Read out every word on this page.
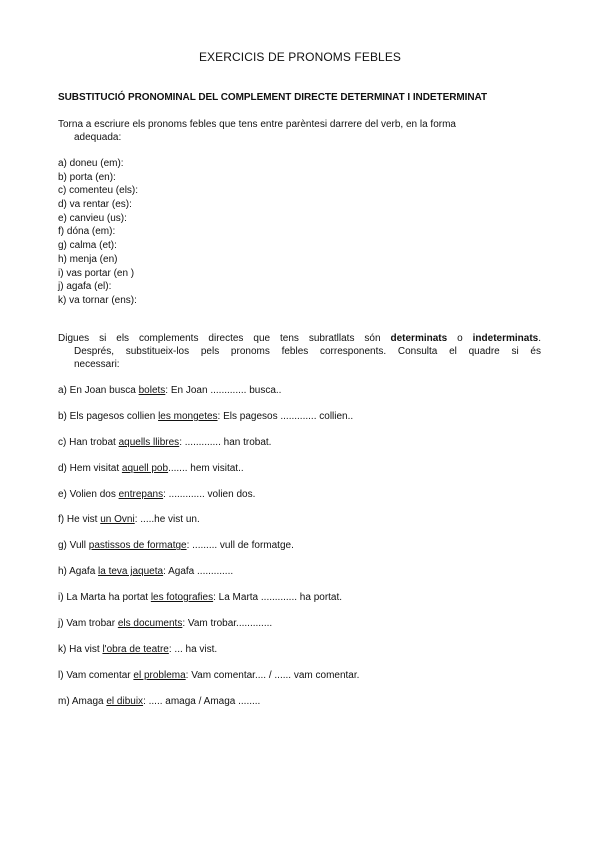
EXERCICIS DE PRONOMS FEBLES
SUBSTITUCIÓ PRONOMINAL DEL COMPLEMENT DIRECTE DETERMINAT I INDETERMINAT
Torna a escriure els pronoms febles que tens entre parèntesi darrere del verb, en la forma
adequada:
a) doneu (em):
b) porta (en):
c) comenteu (els):
d) va rentar (es):
e) canvieu (us):
f) dóna (em):
g) calma (et):
h) menja (en)
i) vas portar (en )
j) agafa (el):
k) va tornar (ens):
Digues si els complements directes que tens subratllats són determinats o indeterminats.
Després, substitueix-los pels pronoms febles corresponents. Consulta el quadre si és
necessari:
a) En Joan busca bolets: En Joan ............. busca..
b) Els pagesos collien les mongetes: Els pagesos ............. collien..
c) Han trobat aquells llibres: ............. han trobat.
d) Hem visitat aquell pob....... hem visitat..
e) Volien dos entrepans: ............. volien dos.
f) He vist un Ovni: .....he vist un.
g) Vull pastissos de formatge: ......... vull de formatge.
h) Agafa la teva jaqueta: Agafa .............
i) La Marta ha portat les fotografies: La Marta ............. ha portat.
j) Vam trobar els documents: Vam trobar.............
k) Ha vist l'obra de teatre: ... ha vist.
l) Vam comentar el problema: Vam comentar.... / ...... vam comentar.
m) Amaga el dibuix: ..... amaga / Amaga ........
